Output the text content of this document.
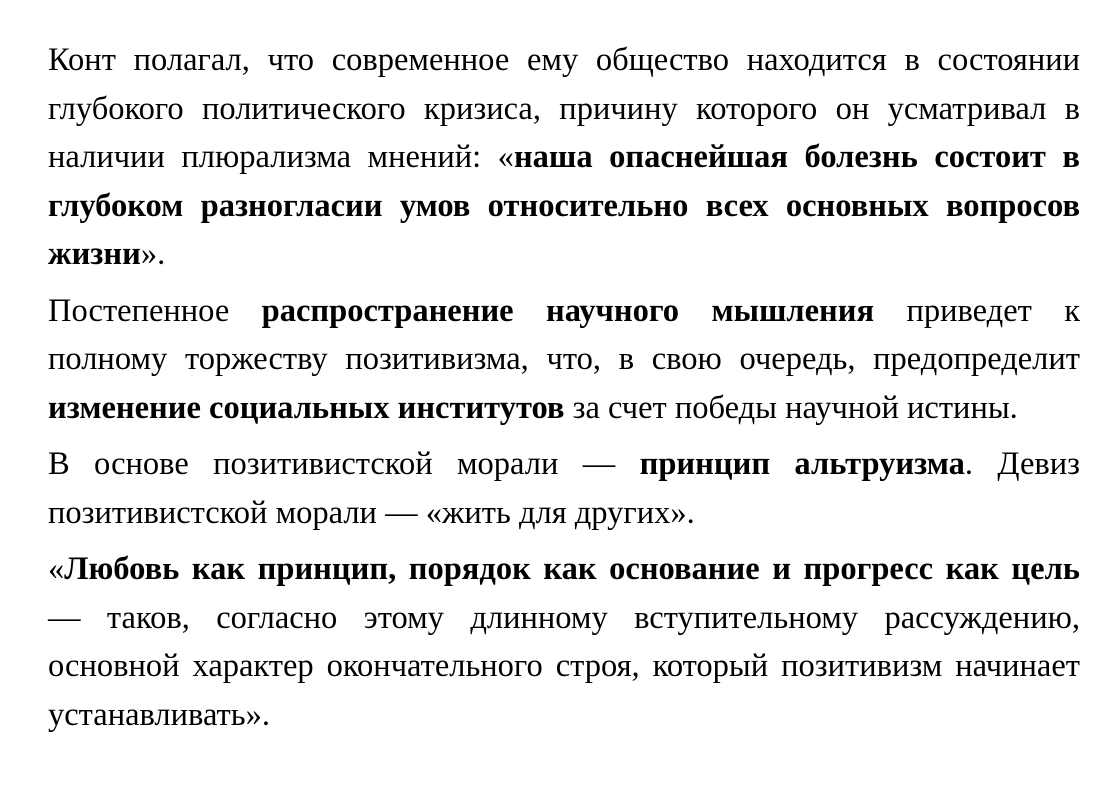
Конт полагал, что современное ему общество находится в состоянии глубокого политического кризиса, причину которого он усматривал в наличии плюрализма мнений: «наша опаснейшая болезнь состоит в глубоком разногласии умов относительно всех основных вопросов жизни».

Постепенное распространение научного мышления приведет к полному торжеству позитивизма, что, в свою очередь, предопределит изменение социальных институтов за счет победы научной истины.

В основе позитивистской морали — принцип альтруизма. Девиз позитивистской морали — «жить для других».

«Любовь как принцип, порядок как основание и прогресс как цель — таков, согласно этому длинному вступительному рассуждению, основной характер окончательного строя, который позитивизм начинает устанавливать».
